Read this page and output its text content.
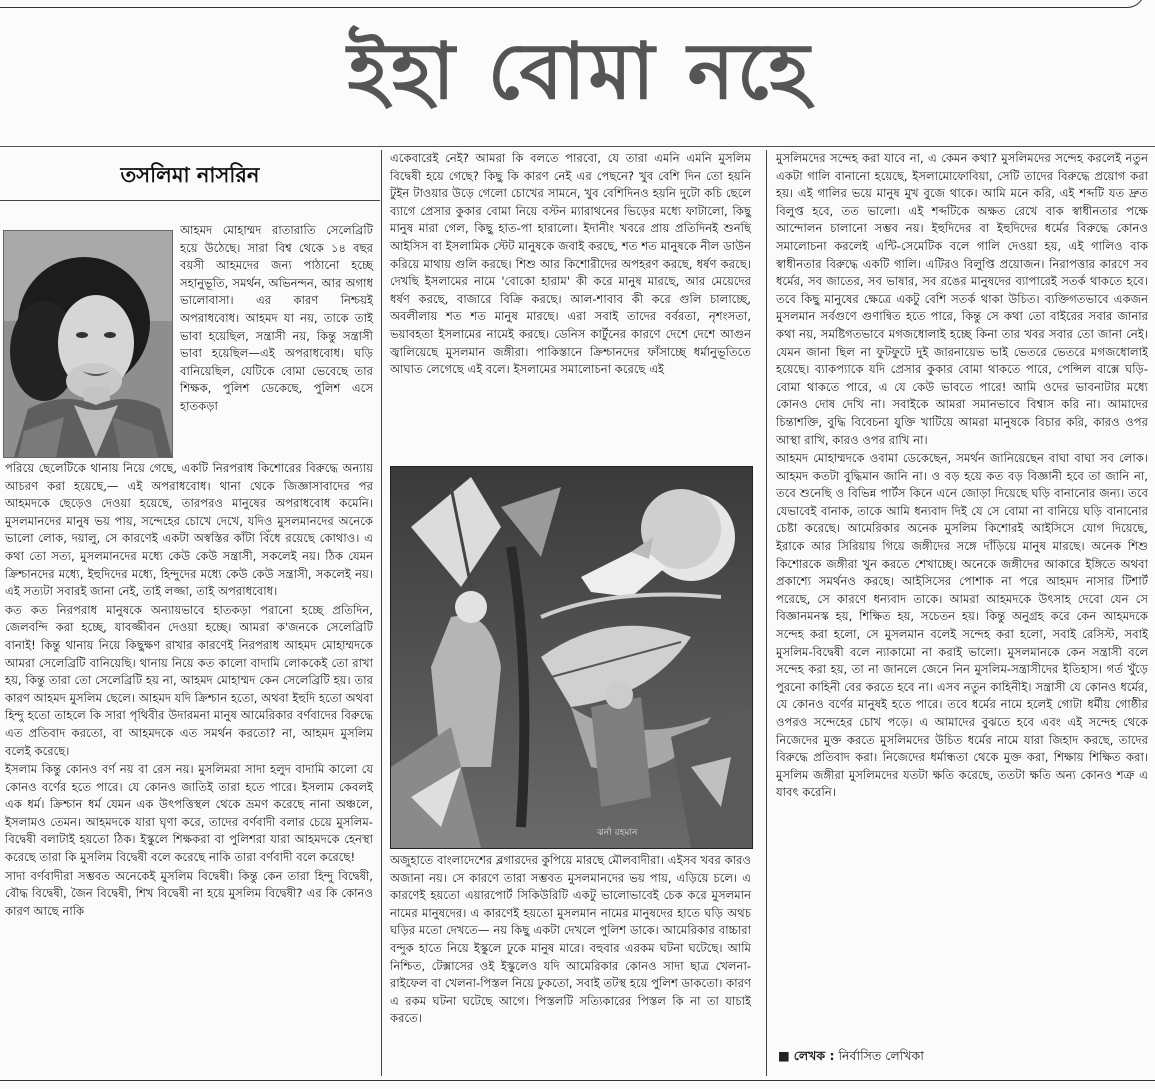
ইহা বোমা নহে
তসলিমা নাসরিন

আহমদ মোহাম্মদ রাতারাতি সেলেব্রিটি হয়ে উঠেছে। সারা বিশ্ব থেকে ১৪ বছর বয়সী আহমদের জন্য পাঠানো হচ্ছে সহানুভূতি, সমর্থন, অভিনন্দন, আর অগাধ ভালোবাসা। এর কারণ নিশ্চয়ই অপরাধবোধ। আহমদ যা নয়, তাকে তাই ভাবা হয়েছিল, সন্ত্রাসী নয়, কিন্তু সন্ত্রাসী ভাবা হয়েছিল—এই অপরাধবোধ। ঘড়ি বানিয়েছিল, যেটিকে বোমা ভেবেছে তার শিক্ষক, পুলিশ ডেকেছে, পুলিশ এসে হাতকড়া

পরিয়ে ছেলেটিকে থানায় নিয়ে গেছে, একটি নিরপরাধ কিশোরের বিরুদ্ধে অন্যায় আচরণ করা হয়েছে,— এই অপরাধবোধ। থানা থেকে জিজ্ঞাসাবাদের পর আহমদকে ছেড়েও দেওয়া হয়েছে, তারপরও মানুষের অপরাধবোধ কমেনি। মুসলমানদের মানুষ ভয় পায়, সন্দেহের চোখে দেখে, যদিও মুসলমানদের অনেকে ভালো লোক, দয়ালু, সে কারণেই একটা অস্বস্তির কাঁটা বিঁধে রয়েছে কোথাও। এ কথা তো সত্য, মুসলমানদের মধ্যে কেউ কেউ সন্ত্রাসী, সকলেই নয়। ঠিক যেমন ক্রিশ্চানদের মধ্যে, ইহুদিদের মধ্যে, হিন্দুদের মধ্যে কেউ কেউ সন্ত্রাসী, সকলেই নয়। এই সত্যটা সবারই জানা নেই, তাই লজ্জা, তাই অপরাধবোধ।

কত কত নিরপরাধ মানুষকে অন্যায়ভাবে হাতকড়া পরানো হচ্ছে প্রতিদিন, জেলবন্দি করা হচ্ছে, যাবজ্জীবন দেওয়া হচ্ছে। আমরা ক'জনকে সেলেব্রিটি বানাই! কিন্তু থানায় নিয়ে কিছুক্ষণ রাখার কারণেই নিরপরাধ আহমদ মোহাম্মদকে আমরা সেলেব্রিটি বানিয়েছি। থানায় নিয়ে কত কালো বাদামি লোককেই তো রাখা হয়, কিন্তু তারা তো সেলেব্রিটি হয় না, আহমদ মোহাম্মদ কেন সেলেব্রিটি হয়। তার কারণ আহমদ মুসলিম ছেলে। আহমদ যদি ক্রিশ্চান হতো, অথবা ইহুদি হতো অথবা হিন্দু হতো তাহলে কি সারা পৃথিবীর উদারমনা মানুষ আমেরিকার বর্ণবাদের বিরুদ্ধে এত প্রতিবাদ করতো, বা আহমদকে এত সমর্থন করতো? না, আহমদ মুসলিম বলেই করেছে।

ইসলাম কিন্তু কোনও বর্ণ নয় বা রেস নয়। মুসলিমরা সাদা হলুদ বাদামি কালো যে কোনও বর্ণের হতে পারে। যে কোনও জাতিই তারা হতে পারে। ইসলাম কেবলই এক ধর্ম। ক্রিশ্চান ধর্ম যেমন এক উৎপত্তিস্থল থেকে ভ্রমণ করেছে নানা অঞ্চলে, ইসলামও তেমন। আহমদকে যারা ঘৃণা করে, তাদের বর্ণবাদী বলার চেয়ে মুসলিম-বিদ্বেষী বলাটাই হয়তো ঠিক। ইস্কুলে শিক্ষকরা বা পুলিশরা যারা আহমদকে হেনস্থা করেছে তারা কি মুসলিম বিদ্বেষী বলে করেছে নাকি তারা বর্ণবাদী বলে করেছে!

সাদা বর্ণবাদীরা সম্ভবত অনেকেই মুসলিম বিদ্বেষী। কিন্তু কেন তারা হিন্দু বিদ্বেষী, বৌদ্ধ বিদ্বেষী, জৈন বিদ্বেষী, শিখ বিদ্বেষী না হয়ে মুসলিম বিদ্বেষী? এর কি কোনও কারণ আছে নাকি

একেবারেই নেই? আমরা কি বলতে পারবো, যে তারা এমনি এমনি মুসলিম বিদ্বেষী হয়ে গেছে? কিছু কি কারণ নেই এর পেছনে? খুব বেশি দিন তো হয়নি টুইন টাওয়ার উড়ে গেলো চোখের সামনে, খুব বেশিদিনও হয়নি দুটো কচি ছেলে ব্যাগে প্রেসার কুকার বোমা নিয়ে বস্টন ম্যারাথনের ভিড়ের মধ্যে ফাটালো, কিছু মানুষ মারা গেল, কিছু হাত-পা হারালো। ইদানীং খবরে প্রায় প্রতিদিনই শুনছি আইসিস বা ইসলামিক স্টেট মানুষকে জবাই করছে, শত শত মানুষকে নীল ডাউন করিয়ে মাথায় গুলি করছে। শিশু আর কিশোরীদের অপহরণ করছে, ধর্ষণ করছে। দেখছি ইসলামের নামে 'বোকো হারাম' কী করে মানুষ মারছে, আর মেয়েদের ধর্ষণ করছে, বাজারে বিক্রি করছে। আল-শাবাব কী করে গুলি চালাচ্ছে, অবলীলায় শত শত মানুষ মারছে। এরা সবাই তাদের বর্বরতা, নৃশংসতা, ভয়াবহতা ইসলামের নামেই করছে। ডেনিস কার্টুনের কারণে দেশে দেশে আগুন জ্বালিয়েছে মুসলমান জঙ্গীরা। পাকিস্তানে ক্রিশ্চানদের ফাঁসাচ্ছে ধর্মানুভূতিতে আঘাত লেগেছে এই বলে। ইসলামের সমালোচনা করেছে এই

ঝর্না রহমান

অজুহাতে বাংলাদেশের ব্লগারদের কুপিয়ে মারছে মৌলবাদীরা। এইসব খবর কারও অজানা নয়। সে কারণে তারা সম্ভবত মুসলমানদের ভয় পায়, এড়িয়ে চলে। এ কারণেই হয়তো এয়ারপোর্ট সিকিউরিটি একটু ভালোভাবেই চেক করে মুসলমান নামের মানুষদের। এ কারণেই হয়তো মুসলমান নামের মানুষদের হাতে ঘড়ি অথচ ঘড়ির মতো দেখতে— নয় কিছু একটা দেখলে পুলিশ ডাকে। আমেরিকার বাচ্চারা বন্দুক হাতে নিয়ে ইস্কুলে ঢুকে মানুষ মারে। বহুবার এরকম ঘটনা ঘটেছে। আমি নিশ্চিত, টেক্সাসের ওই ইস্কুলেও যদি আমেরিকার কোনও সাদা ছাত্র খেলনা-রাইফেল বা খেলনা-পিস্তল নিয়ে ঢুকতো, সবাই তটস্থ হয়ে পুলিশ ডাকতো। কারণ এ রকম ঘটনা ঘটেছে আগে। পিস্তলটি সত্যিকারের পিস্তল কি না তা যাচাই করতে।

মুসলিমদের সন্দেহ করা যাবে না, এ কেমন কথা? মুসলিমদের সন্দেহ করলেই নতুন একটা গালি বানানো হয়েছে, ইসলামোফোবিয়া, সেটি তাদের বিরুদ্ধে প্রয়োগ করা হয়। এই গালির ভয়ে মানুষ মুখ বুজে থাকে। আমি মনে করি, এই শব্দটি যত দ্রুত বিলুপ্ত হবে, তত ভালো। এই শব্দটিকে অক্ষত রেখে বাক স্বাধীনতার পক্ষে আন্দোলন চালানো সম্ভব নয়। ইহুদিদের বা ইহুদিদের ধর্মের বিরুদ্ধে কোনও সমালোচনা করলেই এন্টি-সেমেটিক বলে গালি দেওয়া হয়, এই গালিও বাক স্বাধীনতার বিরুদ্ধে একটি গালি। এটিরও বিলুপ্তি প্রয়োজন। নিরাপত্তার কারণে সব ধর্মের, সব জাতের, সব ভাষার, সব রঙের মানুষদের ব্যাপারেই সতর্ক থাকতে হবে। তবে কিছু মানুষের ক্ষেত্রে একটু বেশি সতর্ক থাকা উচিত। ব্যক্তিগতভাবে একজন মুসলমান সর্বগুণে গুণান্বিত হতে পারে, কিন্তু সে কথা তো বাইরের সবার জানার কথা নয়, সমষ্টিগতভাবে মগজধোলাই হচ্ছে কিনা তার খবর সবার তো জানা নেই। যেমন জানা ছিল না ফুটফুটে দুই জারনায়েভ ভাই ভেতরে ভেতরে মগজধোলাই হয়েছে। ব্যাকপ্যাকে যদি প্রেসার কুকার বোমা থাকতে পারে, পেন্সিল বাক্সে ঘড়ি-বোমা থাকতে পারে, এ যে কেউ ভাবতে পারে! আমি ওদের ভাবনাটার মধ্যে কোনও দোষ দেখি না। সবাইকে আমরা সমানভাবে বিশ্বাস করি না। আমাদের চিন্তাশক্তি, বুদ্ধি বিবেচনা যুক্তি খাটিয়ে আমরা মানুষকে বিচার করি, কারও ওপর আস্থা রাখি, কারও ওপর রাখি না।

আহমদ মোহাম্মদকে ওবামা ডেকেছেন, সমর্থন জানিয়েছেন বাঘা বাঘা সব লোক। আহমদ কতটা বুদ্ধিমান জানি না। ও বড় হয়ে কত বড় বিজ্ঞানী হবে তা জানি না, তবে শুনেছি ও বিভিন্ন পার্টস কিনে এনে জোড়া দিয়েছে ঘড়ি বানানোর জন্য। তবে যেভাবেই বানাক, তাকে আমি ধন্যবাদ দিই যে সে বোমা না বানিয়ে ঘড়ি বানানোর চেষ্টা করেছে। আমেরিকার অনেক মুসলিম কিশোরই আইসিসে যোগ দিয়েছে, ইরাকে আর সিরিয়ায় গিয়ে জঙ্গীদের সঙ্গে দাঁড়িয়ে মানুষ মারছে। অনেক শিশু কিশোরকে জঙ্গীরা খুন করতে শেখাচ্ছে। অনেকে জঙ্গীদের আকারে ইঙ্গিতে অথবা প্রকাশ্যে সমর্থনও করছে। আইসিসের পোশাক না পরে আহমদ নাসার টিশার্ট পরেছে, সে কারণে ধন্যবাদ তাকে। আমরা আহমদকে উৎসাহ দেবো যেন সে বিজ্ঞানমনস্ক হয়, শিক্ষিত হয়, সচেতন হয়। কিন্তু অনুগ্রহ করে কেন আহমদকে সন্দেহ করা হলো, সে মুসলমান বলেই সন্দেহ করা হলো, সবাই রেসিস্ট, সবাই মুসলিম-বিদ্বেষী বলে ন্যাকামো না করাই ভালো। মুসলমানকে কেন সন্ত্রাসী বলে সন্দেহ করা হয়, তা না জানলে জেনে নিন মুসলিম-সন্ত্রাসীদের ইতিহাস। গর্ত খুঁড়ে পুরনো কাহিনী বের করতে হবে না। এসব নতুন কাহিনীই। সন্ত্রাসী যে কোনও ধর্মের, যে কোনও বর্ণের মানুষই হতে পারে। তবে ধর্মের নামে হলেই গোটা ধর্মীয় গোষ্ঠীর ওপরও সন্দেহের চোখ পড়ে। এ আমাদের বুঝতে হবে এবং এই সন্দেহ থেকে নিজেদের মুক্ত করতে মুসলিমদের উচিত ধর্মের নামে যারা জিহাদ করছে, তাদের বিরুদ্ধে প্রতিবাদ করা। নিজেদের ধর্মান্ধতা থেকে মুক্ত করা, শিক্ষায় শিক্ষিত করা। মুসলিম জঙ্গীরা মুসলিমদের যতটা ক্ষতি করেছে, ততটা ক্ষতি অন্য কোনও শত্রু এ যাবৎ করেনি।

■ লেখক : নির্বাসিত লেখিকা
